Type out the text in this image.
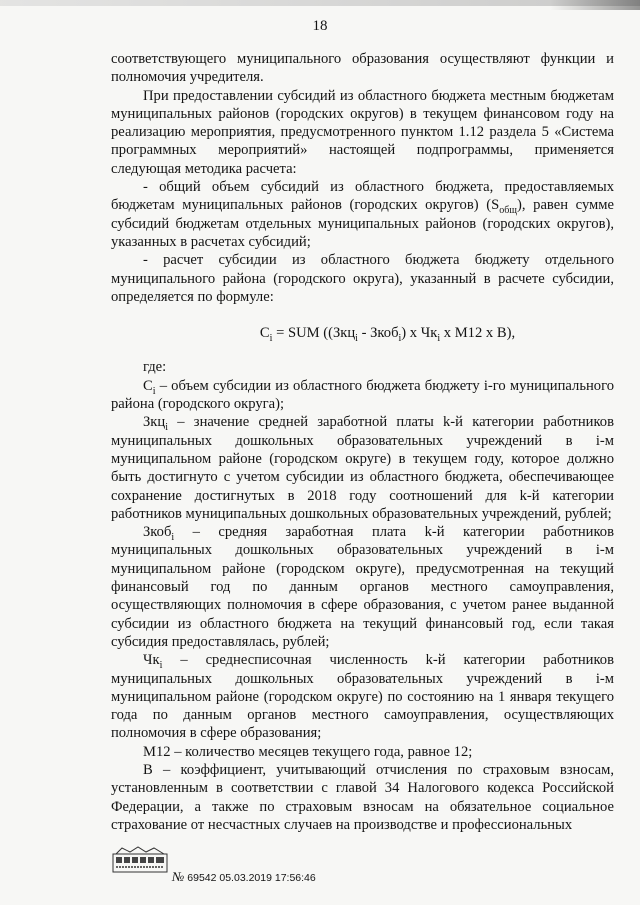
18

соответствующего муниципального образования осуществляют функции и полномочия учредителя.

При предоставлении субсидий из областного бюджета местным бюджетам муниципальных районов (городских округов) в текущем финансовом году на реализацию мероприятия, предусмотренного пунктом 1.12 раздела 5 «Система программных мероприятий» настоящей подпрограммы, применяется следующая методика расчета:

- общий объем субсидий из областного бюджета, предоставляемых бюджетам муниципальных районов (городских округов) $(S_{общ})$, равен сумме субсидий бюджетам отдельных муниципальных районов (городских округов), указанных в расчетах субсидий;

- расчет субсидии из областного бюджета бюджету отдельного муниципального района (городского округа), указанный в расчете субсидии, определяется по формуле:

$C_i$ = SUM ((Зкц$_i$ - Зкоб$_i$) x $Чк_i$ x M12 x B),

где:

$C_i$ – объем субсидии из областного бюджета бюджету i-го муниципального района (городского округа);

Зкц$_i$ – значение средней заработной платы k-й категории работников муниципальных дошкольных образовательных учреждений в i-м муниципальном районе (городском округе) в текущем году, которое должно быть достигнуто с учетом субсидии из областного бюджета, обеспечивающее сохранение достигнутых в 2018 году соотношений для k-й категории работников муниципальных дошкольных образовательных учреждений, рублей;

Зкоб$_i$ – средняя заработная плата k-й категории работников муниципальных дошкольных образовательных учреждений в i-м муниципальном районе (городском округе), предусмотренная на текущий финансовый год по данным органов местного самоуправления, осуществляющих полномочия в сфере образования, с учетом ранее выданной субсидии из областного бюджета на текущий финансовый год, если такая субсидия предоставлялась, рублей;

$Чк_i$ – среднесписочная численность k-й категории работников муниципальных дошкольных образовательных учреждений в i-м муниципальном районе (городском округе) по состоянию на 1 января текущего года по данным органов местного самоуправления, осуществляющих полномочия в сфере образования;

M12 – количество месяцев текущего года, равное 12;

B – коэффициент, учитывающий отчисления по страховым взносам, установленным в соответствии с главой 34 Налогового кодекса Российской Федерации, а также по страховым взносам на обязательное социальное страхование от несчастных случаев на производстве и профессиональных

№ 69542 05.03.2019 17:56:46
